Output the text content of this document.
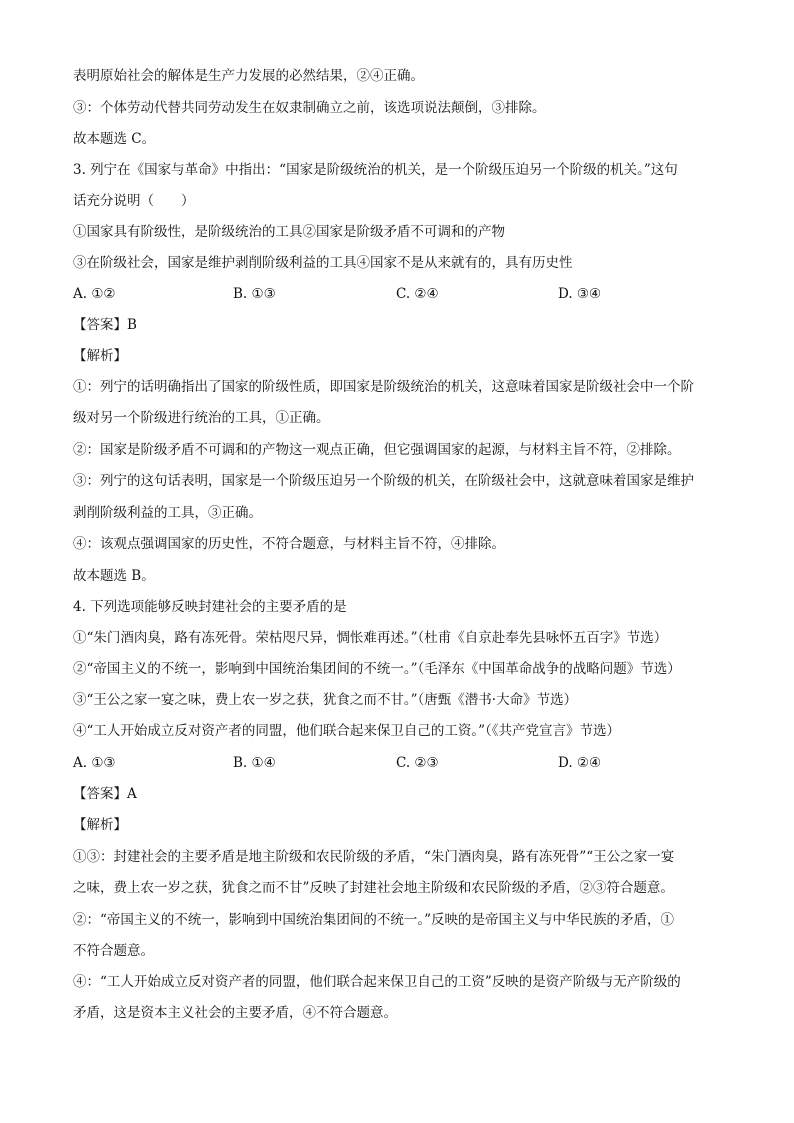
表明原始社会的解体是生产力发展的必然结果，②④正确。
③：个体劳动代替共同劳动发生在奴隶制确立之前，该选项说法颠倒，③排除。
故本题选 C。
3. 列宁在《国家与革命》中指出：“国家是阶级统治的机关，是一个阶级压迫另一个阶级的机关。”这句
话充分说明（　　）
①国家具有阶级性，是阶级统治的工具②国家是阶级矛盾不可调和的产物
③在阶级社会，国家是维护剥削阶级利益的工具④国家不是从来就有的，具有历史性
A. ①②	B. ①③	C. ②④	D. ③④
【答案】B
【解析】
①：列宁的话明确指出了国家的阶级性质，即国家是阶级统治的机关，这意味着国家是阶级社会中一个阶
级对另一个阶级进行统治的工具，①正确。
②：国家是阶级矛盾不可调和的产物这一观点正确，但它强调国家的起源，与材料主旨不符，②排除。
③：列宁的这句话表明，国家是一个阶级压迫另一个阶级的机关，在阶级社会中，这就意味着国家是维护
剥削阶级利益的工具，③正确。
④：该观点强调国家的历史性，不符合题意，与材料主旨不符，④排除。
故本题选 B。
4. 下列选项能够反映封建社会的主要矛盾的是
①“朱门酒肉臭，路有冻死骨。荣枯咫尺异，惆怅难再述。”（杜甫《自京赴奉先县咏怀五百字》节选）
②“帝国主义的不统一，影响到中国统治集团间的不统一。”（毛泽东《中国革命战争的战略问题》节选）
③“王公之家一宴之味，费上农一岁之获，犹食之而不甘。”（唐甄《潜书·大命》节选）
④“工人开始成立反对资产者的同盟，他们联合起来保卫自己的工资。”（《共产党宣言》节选）
A. ①③	B. ①④	C. ②③	D. ②④
【答案】A
【解析】
①③：封建社会的主要矛盾是地主阶级和农民阶级的矛盾，“朱门酒肉臭，路有冻死骨”“王公之家一宴
之味，费上农一岁之获，犹食之而不甘”反映了封建社会地主阶级和农民阶级的矛盾，②③符合题意。
②：“帝国主义的不统一，影响到中国统治集团间的不统一。”反映的是帝国主义与中华民族的矛盾，①
不符合题意。
④：“工人开始成立反对资产者的同盟，他们联合起来保卫自己的工资”反映的是资产阶级与无产阶级的
矛盾，这是资本主义社会的主要矛盾，④不符合题意。
